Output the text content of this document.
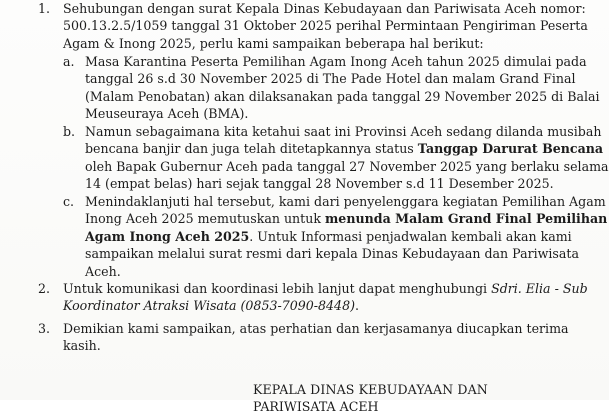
1. Sehubungan dengan surat Kepala Dinas Kebudayaan dan Pariwisata Aceh nomor:
500.13.2.5/1059 tanggal 31 Oktober 2025 perihal Permintaan Pengiriman Peserta
Agam & Inong 2025, perlu kami sampaikan beberapa hal berikut:
a. Masa Karantina Peserta Pemilihan Agam Inong Aceh tahun 2025 dimulai pada
tanggal 26 s.d 30 November 2025 di The Pade Hotel dan malam Grand Final
(Malam Penobatan) akan dilaksanakan pada tanggal 29 November 2025 di Balai
Meuseuraya Aceh (BMA).
b. Namun sebagaimana kita ketahui saat ini Provinsi Aceh sedang dilanda musibah
bencana banjir dan juga telah ditetapkannya status Tanggap Darurat Bencana
oleh Bapak Gubernur Aceh pada tanggal 27 November 2025 yang berlaku selama
14 (empat belas) hari sejak tanggal 28 November s.d 11 Desember 2025.
c. Menindaklanjuti hal tersebut, kami dari penyelenggara kegiatan Pemilihan Agam
Inong Aceh 2025 memutuskan untuk menunda Malam Grand Final Pemilihan
Agam Inong Aceh 2025. Untuk Informasi penjadwalan kembali akan kami
sampaikan melalui surat resmi dari kepala Dinas Kebudayaan dan Pariwisata
Aceh.
2. Untuk komunikasi dan koordinasi lebih lanjut dapat menghubungi Sdri. Elia - Sub
Koordinator Atraksi Wisata (0853-7090-8448).
3. Demikian kami sampaikan, atas perhatian dan kerjasamanya diucapkan terima
kasih.
KEPALA DINAS KEBUDAYAAN DAN
PARIWISATA ACEH
